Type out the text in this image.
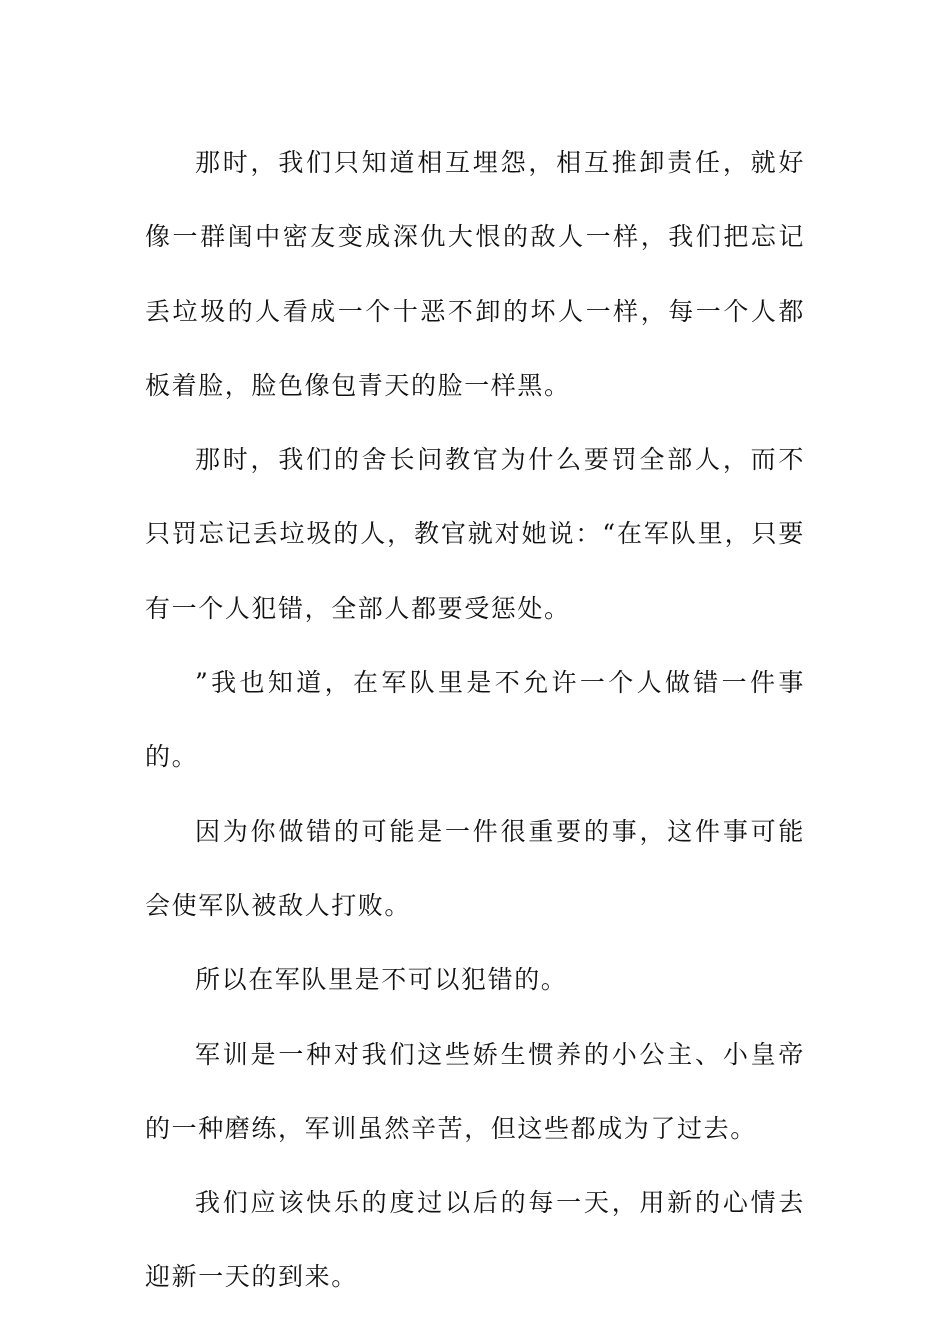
那时，我们只知道相互埋怨，相互推卸责任，就好像一群闺中密友变成深仇大恨的敌人一样，我们把忘记丢垃圾的人看成一个十恶不卸的坏人一样，每一个人都板着脸，脸色像包青天的脸一样黑。

那时，我们的舍长问教官为什么要罚全部人，而不只罚忘记丢垃圾的人，教官就对她说：“在军队里，只要有一个人犯错，全部人都要受惩处。

”我也知道，在军队里是不允许一个人做错一件事的。

因为你做错的可能是一件很重要的事，这件事可能会使军队被敌人打败。

所以在军队里是不可以犯错的。

军训是一种对我们这些娇生惯养的小公主、小皇帝的一种磨练，军训虽然辛苦，但这些都成为了过去。

我们应该快乐的度过以后的每一天，用新的心情去迎新一天的到来。
